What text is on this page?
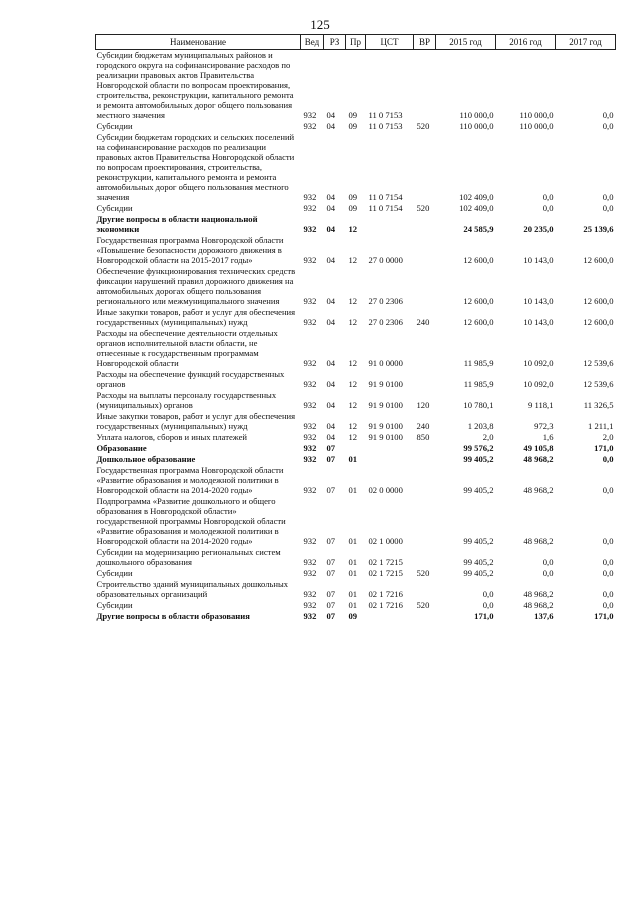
125
Наименование	Вед	РЗ	Пр	ЦСТ	ВР	2015 год	2016 год	2017 год
Субсидии бюджетам муниципальных районов и городского округа на софинансирование расходов по реализации правовых актов Правительства Новгородской области по вопросам проектирования, строительства, реконструкции, капитального ремонта и ремонта автомобильных дорог общего пользования местного значения	932	04	09	11 0 7153		110 000,0	110 000,0	0,0
Субсидии	932	04	09	11 0 7153	520	110 000,0	110 000,0	0,0
Субсидии бюджетам городских и сельских поселений на софинансирование расходов по реализации правовых актов Правительства Новгородской области по вопросам проектирования, строительства, реконструкции, капитального ремонта и ремонта автомобильных дорог общего пользования местного значения	932	04	09	11 0 7154		102 409,0	0,0	0,0
Субсидии	932	04	09	11 0 7154	520	102 409,0	0,0	0,0
Другие вопросы в области национальной экономики	932	04	12			24 585,9	20 235,0	25 139,6
Государственная программа Новгородской области «Повышение безопасности дорожного движения в Новгородской области на 2015-2017 годы»	932	04	12	27 0 0000		12 600,0	10 143,0	12 600,0
Обеспечение функционирования технических средств фиксации нарушений правил дорожного движения на автомобильных дорогах общего пользования регионального или межмуниципального значения	932	04	12	27 0 2306		12 600,0	10 143,0	12 600,0
Иные закупки товаров, работ и услуг для обеспечения государственных (муниципальных) нужд	932	04	12	27 0 2306	240	12 600,0	10 143,0	12 600,0
Расходы на обеспечение деятельности отдельных органов исполнительной власти области, не отнесенные к государственным программам Новгородской области	932	04	12	91 0 0000		11 985,9	10 092,0	12 539,6
Расходы на обеспечение функций государственных органов	932	04	12	91 9 0100		11 985,9	10 092,0	12 539,6
Расходы на выплаты персоналу государственных (муниципальных) органов	932	04	12	91 9 0100	120	10 780,1	9 118,1	11 326,5
Иные закупки товаров, работ и услуг для обеспечения государственных (муниципальных) нужд	932	04	12	91 9 0100	240	1 203,8	972,3	1 211,1
Уплата налогов, сборов и иных платежей	932	04	12	91 9 0100	850	2,0	1,6	2,0
Образование	932	07				99 576,2	49 105,8	171,0
Дошкольное образование	932	07	01			99 405,2	48 968,2	0,0
Государственная программа Новгородской области «Развитие образования и молодежной политики в Новгородской области на 2014-2020 годы»	932	07	01	02 0 0000		99 405,2	48 968,2	0,0
Подпрограмма «Развитие дошкольного и общего образования в Новгородской области» государственной программы Новгородской области «Развитие образования и молодежной политики в Новгородской области на 2014-2020 годы»	932	07	01	02 1 0000		99 405,2	48 968,2	0,0
Субсидии на модернизацию региональных систем дошкольного образования	932	07	01	02 1 7215		99 405,2	0,0	0,0
Субсидии	932	07	01	02 1 7215	520	99 405,2	0,0	0,0
Строительство зданий муниципальных дошкольных образовательных организаций	932	07	01	02 1 7216		0,0	48 968,2	0,0
Субсидии	932	07	01	02 1 7216	520	0,0	48 968,2	0,0
Другие вопросы в области образования	932	07	09			171,0	137,6	171,0
